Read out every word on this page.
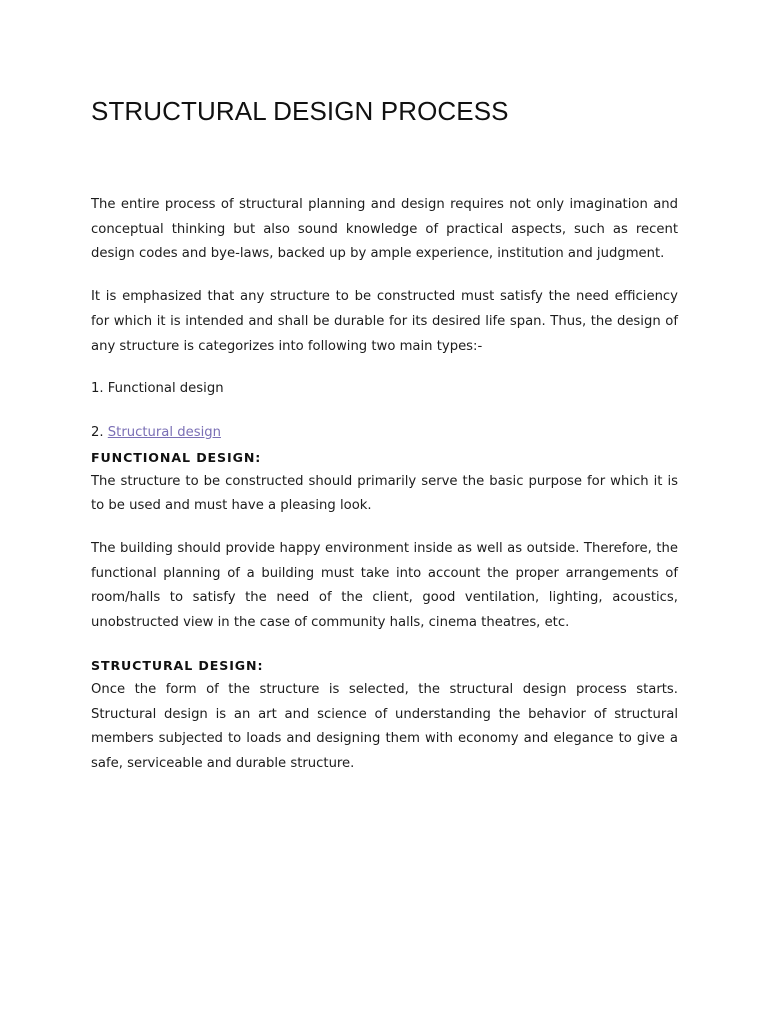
STRUCTURAL DESIGN PROCESS

The entire process of structural planning and design requires not only imagination and conceptual thinking but also sound knowledge of practical aspects, such as recent design codes and bye-laws, backed up by ample experience, institution and judgment.

It is emphasized that any structure to be constructed must satisfy the need efficiency for which it is intended and shall be durable for its desired life span. Thus, the design of any structure is categorizes into following two main types:-

1. Functional design

2. Structural design

FUNCTIONAL DESIGN:

The structure to be constructed should primarily serve the basic purpose for which it is to be used and must have a pleasing look.

The building should provide happy environment inside as well as outside. Therefore, the functional planning of a building must take into account the proper arrangements of room/halls to satisfy the need of the client, good ventilation, lighting, acoustics, unobstructed view in the case of community halls, cinema theatres, etc.

STRUCTURAL DESIGN:

Once the form of the structure is selected, the structural design process starts. Structural design is an art and science of understanding the behavior of structural members subjected to loads and designing them with economy and elegance to give a safe, serviceable and durable structure.
